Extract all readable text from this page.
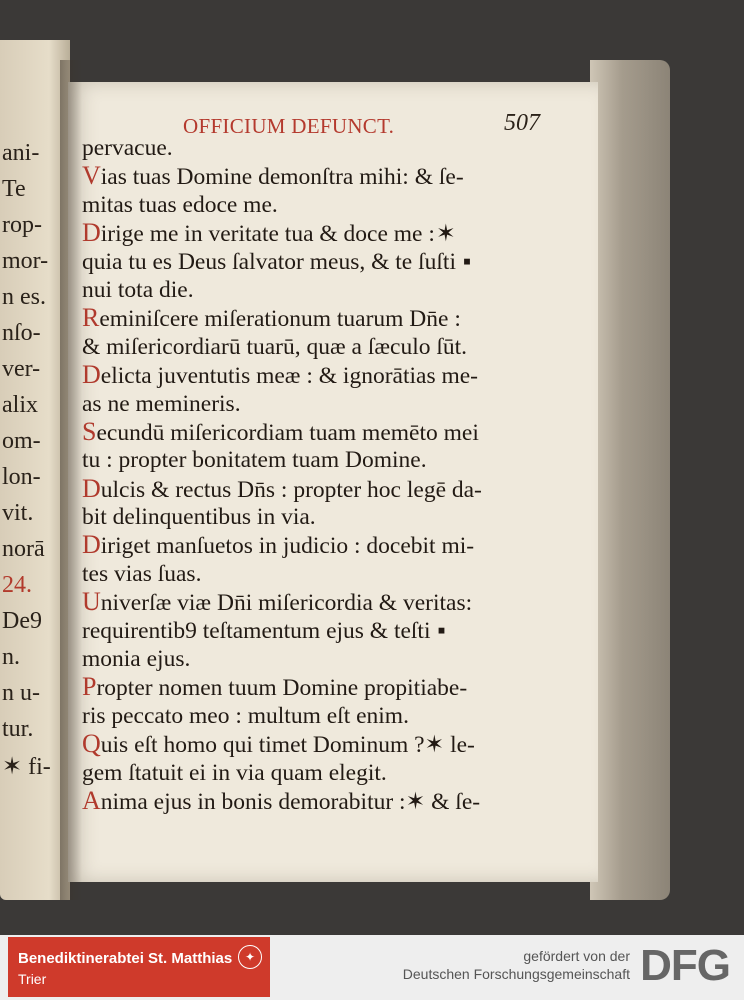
ani-
Te
rop-
mor-
n es.
nſo-
ver-
alix
om-
lon-
vit.
norā
24.
De9
n.
n u-
tur.
✶ fi-
OFFICIUM DEFUNCT.	507
pervacue.
Vias tuas Domine demonſtra mihi: & ſe-
mitas tuas edoce me.
Dirige me in veritate tua & doce me :✶
quia tu es Deus ſalvator meus, & te ſuſti ▪
nui tota die.
Reminiſcere miſerationum tuarum Dn̄e :
& miſericordiarū tuarū, quæ a ſæculo ſūt.
Delicta juventutis meæ : & ignorātias me-
as ne memineris.
Secundū miſericordiam tuam memēto mei
tu : propter bonitatem tuam Domine.
Dulcis & rectus Dn̄s : propter hoc legē da-
bit delinquentibus in via.
Diriget manſuetos in judicio : docebit mi-
tes vias ſuas.
Univerſæ viæ Dn̄i miſericordia & veritas:
requirentib9 teſtamentum ejus & teſti ▪
monia ejus.
Propter nomen tuum Domine propitiabe-
ris peccato meo : multum eſt enim.
Quis eſt homo qui timet Dominum ?✶ le-
gem ſtatuit ei in via quam elegit.
Anima ejus in bonis demorabitur :✶ & ſe-
Benediktinerabtei St. Matthias
Trier
✦	gefördert von der
Deutschen Forschungsgemeinschaft DFG
